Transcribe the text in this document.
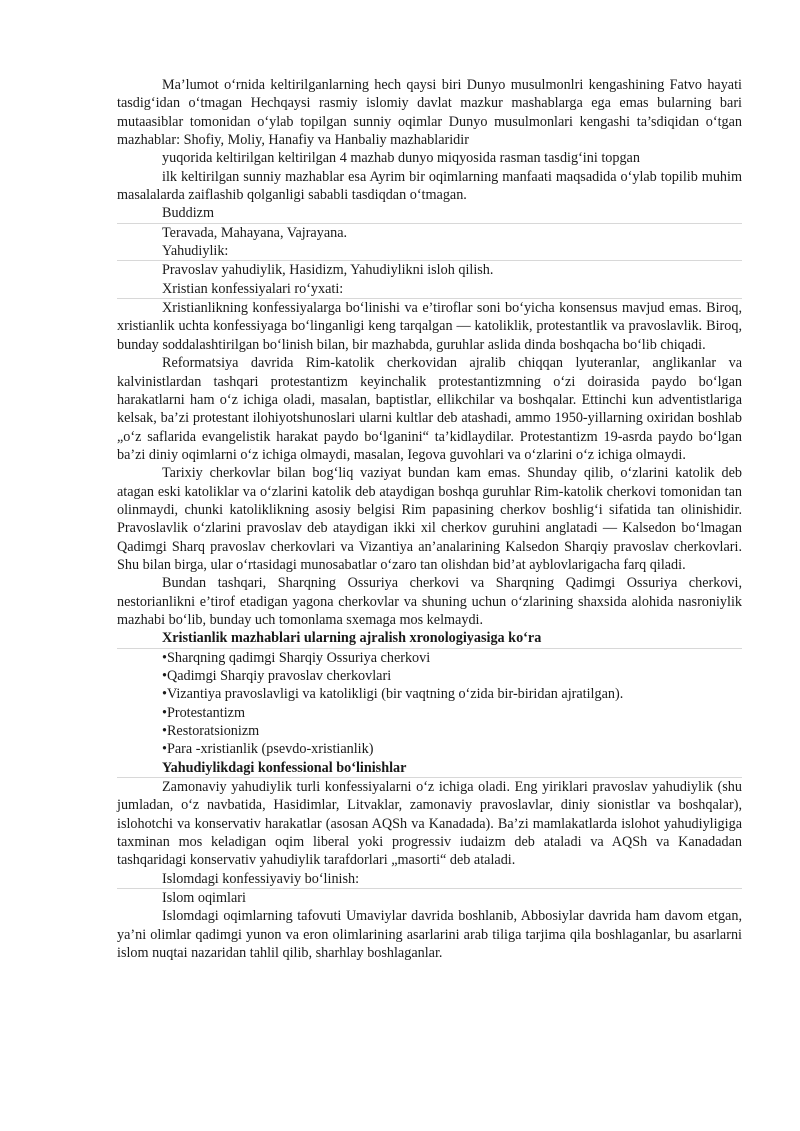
Ma’lumot o‘rnida keltirilganlarning hech qaysi biri Dunyo musulmonlri kengashining Fatvo hayati tasdig‘idan o‘tmagan Hechqaysi rasmiy islomiy davlat mazkur mashablarga ega emas bularning bari mutaasiblar tomonidan o‘ylab topilgan sunniy oqimlar Dunyo musulmonlari kengashi ta’sdiqidan o‘tgan mazhablar: Shofiy, Moliy, Hanafiy va Hanbaliy mazhablaridir

yuqorida keltirilgan keltirilgan 4 mazhab dunyo miqyosida rasman tasdig‘ini topgan

ilk keltirilgan sunniy mazhablar esa Ayrim bir oqimlarning manfaati maqsadida o‘ylab topilib muhim masalalarda zaiflashib qolganligi sababli tasdiqdan o‘tmagan.

Buddizm

Teravada, Mahayana, Vajrayana.

Yahudiylik:

Pravoslav yahudiylik, Hasidizm, Yahudiylikni isloh qilish.

Xristian konfessiyalari ro‘yxati:

Xristianlikning konfessiyalarga bo‘linishi va e’tiroflar soni bo‘yicha konsensus mavjud emas. Biroq, xristianlik uchta konfessiyaga bo‘linganligi keng tarqalgan — katoliklik, protestantlik va pravoslavlik. Biroq, bunday soddalashtirilgan bo‘linish bilan, bir mazhabda, guruhlar aslida dinda boshqacha bo‘lib chiqadi.

Reformatsiya davrida Rim-katolik cherkovidan ajralib chiqqan lyuteranlar, anglikanlar va kalvinistlardan tashqari protestantizm keyinchalik protestantizmning o‘zi doirasida paydo bo‘lgan harakatlarni ham o‘z ichiga oladi, masalan, baptistlar, ellikchilar va boshqalar. Ettinchi kun adventistlariga kelsak, ba’zi protestant ilohiyotshunoslari ularni kultlar deb atashadi, ammo 1950-yillarning oxiridan boshlab „o‘z saflarida evangelistik harakat paydo bo‘lganini“ ta’kidlaydilar. Protestantizm 19-asrda paydo bo‘lgan ba’zi diniy oqimlarni o‘z ichiga olmaydi, masalan, Iegova guvohlari va o‘zlarini o‘z ichiga olmaydi.

Tarixiy cherkovlar bilan bog‘liq vaziyat bundan kam emas. Shunday qilib, o‘zlarini katolik deb atagan eski katoliklar va o‘zlarini katolik deb ataydigan boshqa guruhlar Rim-katolik cherkovi tomonidan tan olinmaydi, chunki katoliklikning asosiy belgisi Rim papasining cherkov boshlig‘i sifatida tan olinishidir. Pravoslavlik o‘zlarini pravoslav deb ataydigan ikki xil cherkov guruhini anglatadi — Kalsedon bo‘lmagan Qadimgi Sharq pravoslav cherkovlari va Vizantiya an’analarining Kalsedon Sharqiy pravoslav cherkovlari. Shu bilan birga, ular o‘rtasidagi munosabatlar o‘zaro tan olishdan bid’at ayblovlarigacha farq qiladi.

Bundan tashqari, Sharqning Ossuriya cherkovi va Sharqning Qadimgi Ossuriya cherkovi, nestorianlikni e’tirof etadigan yagona cherkovlar va shuning uchun o‘zlarining shaxsida alohida nasroniylik mazhabi bo‘lib, bunday uch tomonlama sxemaga mos kelmaydi.

Xristianlik mazhablari ularning ajralish xronologiyasiga ko‘ra

•Sharqning qadimgi Sharqiy Ossuriya cherkovi

•Qadimgi Sharqiy pravoslav cherkovlari

•Vizantiya pravoslavligi va katolikligi (bir vaqtning o‘zida bir-biridan ajratilgan).

•Protestantizm

•Restoratsionizm

•Para -xristianlik (psevdo-xristianlik)

Yahudiylikdagi konfessional bo‘linishlar

Zamonaviy yahudiylik turli konfessiyalarni o‘z ichiga oladi. Eng yiriklari pravoslav yahudiylik (shu jumladan, o‘z navbatida, Hasidimlar, Litvaklar, zamonaviy pravoslavlar, diniy sionistlar va boshqalar), islohotchi va konservativ harakatlar (asosan AQSh va Kanadada). Ba’zi mamlakatlarda islohot yahudiyligiga taxminan mos keladigan oqim liberal yoki progressiv iudaizm deb ataladi va AQSh va Kanadadan tashqaridagi konservativ yahudiylik tarafdorlari „masorti“ deb ataladi.

Islomdagi konfessiyaviy bo‘linish:

Islom oqimlari

Islomdagi oqimlarning tafovuti Umaviylar davrida boshlanib, Abbosiylar davrida ham davom etgan, ya’ni olimlar qadimgi yunon va eron olimlarining asarlarini arab tiliga tarjima qila boshlaganlar, bu asarlarni islom nuqtai nazaridan tahlil qilib, sharhlay boshlaganlar.
